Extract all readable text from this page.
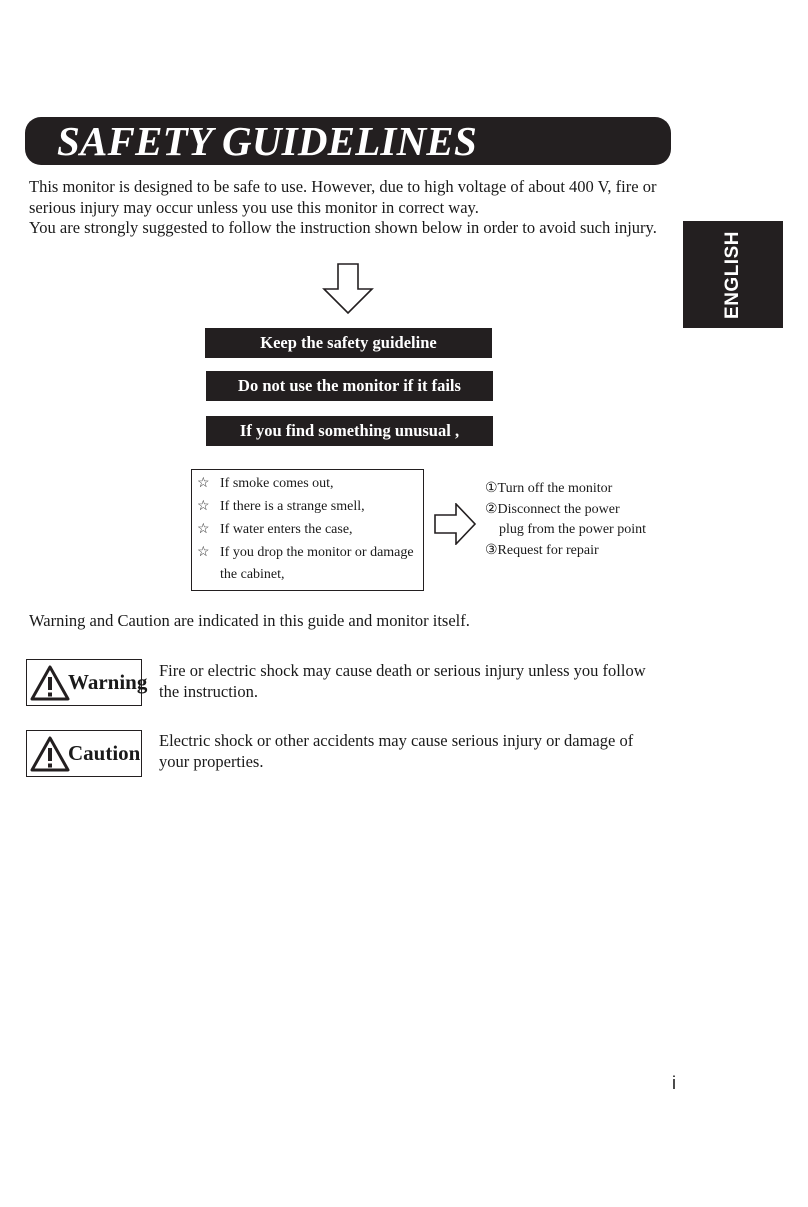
SAFETY GUIDELINES
ENGLISH

This monitor is designed to be safe to use. However, due to high voltage of about 400 V, fire or serious injury may occur unless you use this monitor in correct way.

You are strongly suggested to follow the instruction shown below in order to avoid such injury.

Keep the safety guideline
Do not use the monitor if it fails
If you find something unusual ,
☆ If smoke comes out,
☆ If there is a strange smell,
☆ If water enters the case,
☆ If you drop the monitor or damage the cabinet,
①Turn off the monitor
②Disconnect the power
plug from the power point
③Request for repair
Warning and Caution are indicated in this guide and monitor itself.
Warning Fire or electric shock may cause death or serious injury unless you follow the instruction.
Caution
Electric shock or other accidents may cause serious injury or damage of your properties.
i
